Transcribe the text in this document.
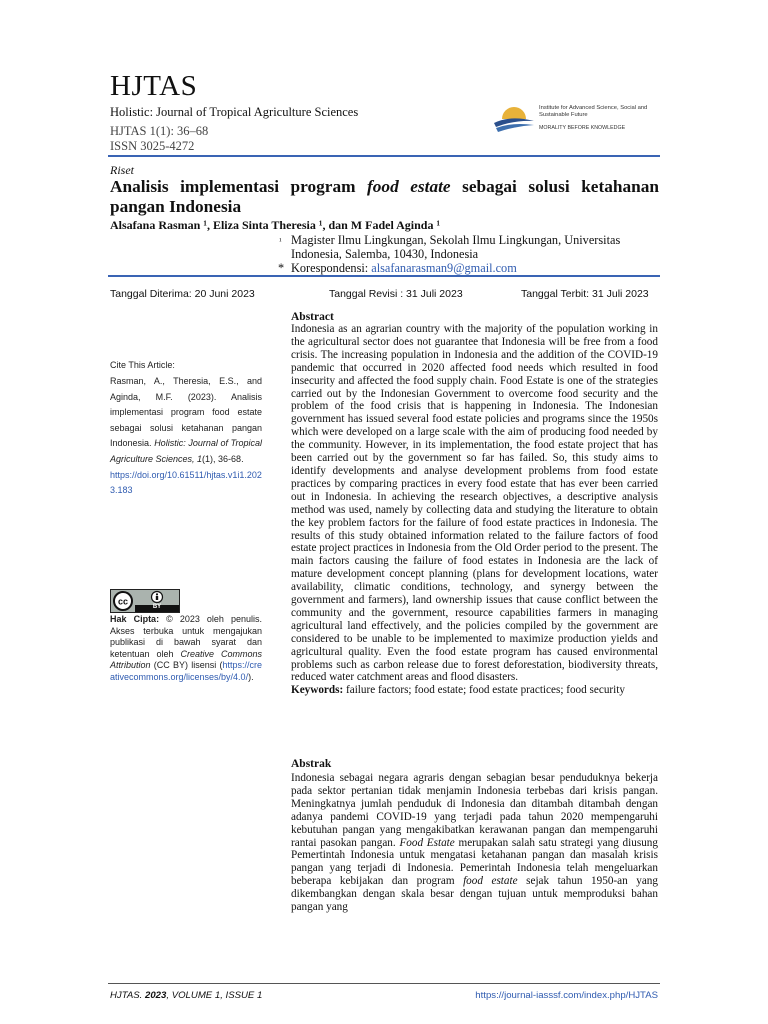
HJTAS
Holistic: Journal of Tropical Agriculture Sciences
HJTAS 1(1): 36–68
ISSN 3025-4272
Institute for Advanced Science, Social and Sustainable Future
MORALITY BEFORE KNOWLEDGE
Riset
Analisis implementasi program food estate sebagai solusi ketahanan pangan Indonesia
Alsafana Rasman ¹, Eliza Sinta Theresia ¹, dan M Fadel Aginda ¹
¹ Magister Ilmu Lingkungan, Sekolah Ilmu Lingkungan, Universitas
Indonesia, Salemba, 10430, Indonesia
* Korespondensi: alsafanarasman9@gmail.com
Tanggal Diterima: 20 Juni 2023	Tanggal Revisi : 31 Juli 2023	Tanggal Terbit: 31 Juli 2023
Cite This Article:
Rasman, A., Theresia, E.S., and Aginda, M.F. (2023). Analisis implementasi program food estate sebagai solusi ketahanan pangan Indonesia. Holistic: Journal of Tropical Agriculture Sciences, 1(1), 36-68.
https://doi.org/10.61511/hjtas.v1i1.2023.183
cc
BY
Hak Cipta: © 2023 oleh penulis. Akses terbuka untuk mengajukan publikasi di bawah syarat dan ketentuan oleh Creative Commons Attribution (CC BY) lisensi (https://creativecommons.org/licenses/by/4.0/).
Abstract

Indonesia as an agrarian country with the majority of the population working in the agricultural sector does not guarantee that Indonesia will be free from a food crisis. The increasing population in Indonesia and the addition of the COVID-19 pandemic that occurred in 2020 affected food needs which resulted in food insecurity and affected the food supply chain. Food Estate is one of the strategies carried out by the Indonesian Government to overcome food security and the problem of the food crisis that is happening in Indonesia. The Indonesian government has issued several food estate policies and programs since the 1950s which were developed on a large scale with the aim of producing food needed by the community. However, in its implementation, the food estate project that has been carried out by the government so far has failed. So, this study aims to identify developments and analyse development problems from food estate practices by comparing practices in every food estate that has ever been carried out in Indonesia. In achieving the research objectives, a descriptive analysis method was used, namely by collecting data and studying the literature to obtain the key problem factors for the failure of food estate practices in Indonesia. The results of this study obtained information related to the failure factors of food estate project practices in Indonesia from the Old Order period to the present. The main factors causing the failure of food estates in Indonesia are the lack of mature development concept planning (plans for development locations, water availability, climatic conditions, technology, and synergy between the government and farmers), land ownership issues that cause conflict between the community and the government, resource capabilities farmers in managing agricultural land effectively, and the policies compiled by the government are considered to be unable to be implemented to maximize production yields and agricultural quality. Even the food estate program has caused environmental problems such as carbon release due to forest deforestation, biodiversity threats, reduced water catchment areas and flood disasters.

Keywords: failure factors; food estate; food estate practices; food security

Abstrak

Indonesia sebagai negara agraris dengan sebagian besar penduduknya bekerja pada sektor pertanian tidak menjamin Indonesia terbebas dari krisis pangan. Meningkatnya jumlah penduduk di Indonesia dan ditambah ditambah dengan adanya pandemi COVID-19 yang terjadi pada tahun 2020 mempengaruhi kebutuhan pangan yang mengakibatkan kerawanan pangan dan mempengaruhi rantai pasokan pangan. Food Estate merupakan salah satu strategi yang diusung Pemertintah Indonesia untuk mengatasi ketahanan pangan dan masalah krisis pangan yang terjadi di Indonesia. Pemerintah Indonesia telah mengeluarkan beberapa kebijakan dan program food estate sejak tahun 1950-an yang dikembangkan dengan skala besar dengan tujuan untuk memproduksi bahan pangan yang

HJTAS. 2023, VOLUME 1, ISSUE 1	https://journal-iasssf.com/index.php/HJTAS
